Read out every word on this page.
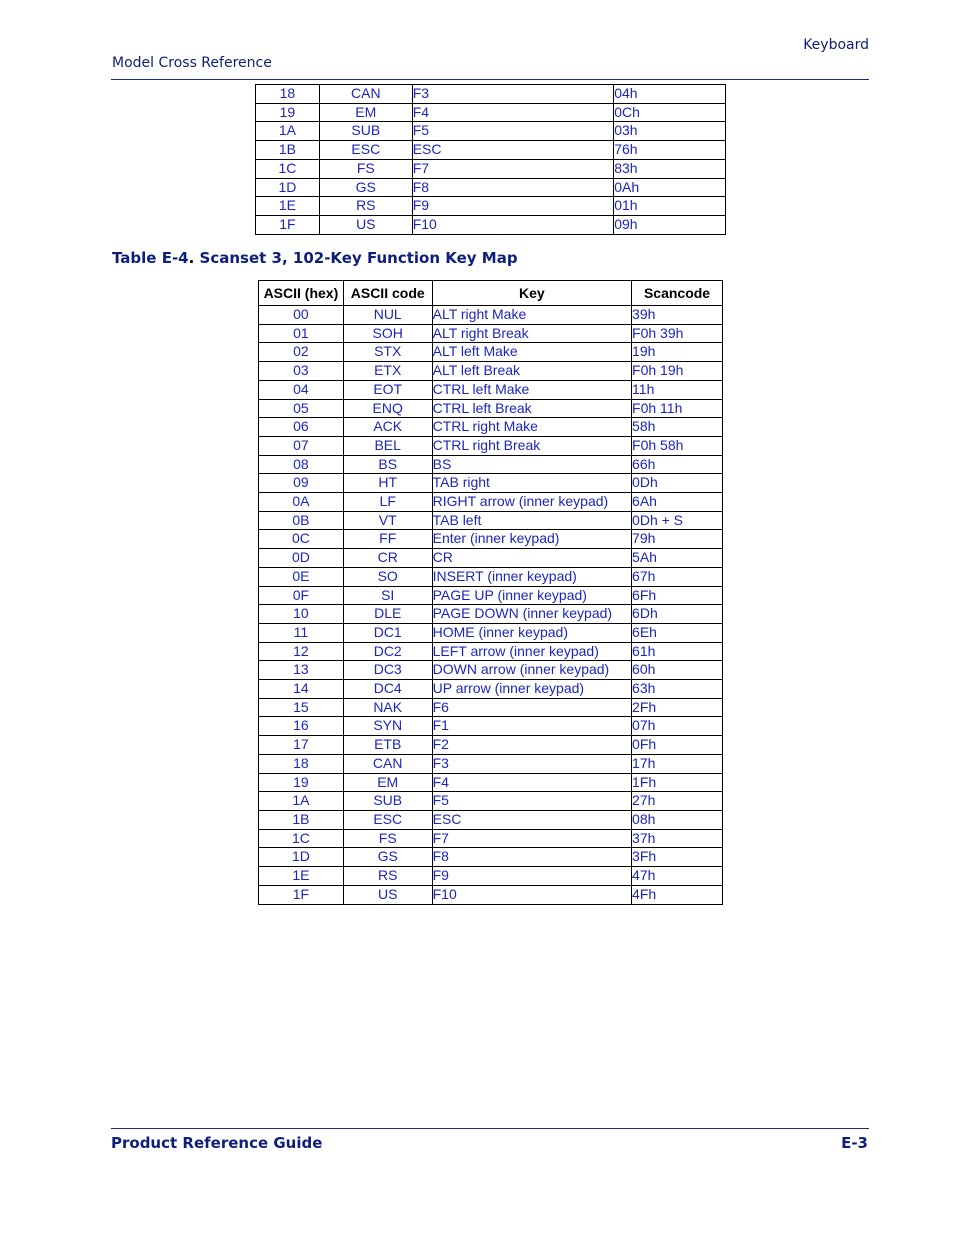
Keyboard
Model Cross Reference
18	CAN	F3	04h
19	EM	F4	0Ch
1A	SUB	F5	03h
1B	ESC	ESC	76h
1C	FS	F7	83h
1D	GS	F8	0Ah
1E	RS	F9	01h
1F	US	F10	09h
Table E-4. Scanset 3, 102-Key Function Key Map
ASCII (hex)	ASCII code	Key	Scancode
00	NUL	ALT right Make	39h
01	SOH	ALT right Break	F0h 39h
02	STX	ALT left Make	19h
03	ETX	ALT left Break	F0h 19h
04	EOT	CTRL left Make	11h
05	ENQ	CTRL left Break	F0h 11h
06	ACK	CTRL right Make	58h
07	BEL	CTRL right Break	F0h 58h
08	BS	BS	66h
09	HT	TAB right	0Dh
0A	LF	RIGHT arrow (inner keypad)	6Ah
0B	VT	TAB left	0Dh + S
0C	FF	Enter (inner keypad)	79h
0D	CR	CR	5Ah
0E	SO	INSERT (inner keypad)	67h
0F	SI	PAGE UP (inner keypad)	6Fh
10	DLE	PAGE DOWN (inner keypad)	6Dh
11	DC1	HOME (inner keypad)	6Eh
12	DC2	LEFT arrow (inner keypad)	61h
13	DC3	DOWN arrow (inner keypad)	60h
14	DC4	UP arrow (inner keypad)	63h
15	NAK	F6	2Fh
16	SYN	F1	07h
17	ETB	F2	0Fh
18	CAN	F3	17h
19	EM	F4	1Fh
1A	SUB	F5	27h
1B	ESC	ESC	08h
1C	FS	F7	37h
1D	GS	F8	3Fh
1E	RS	F9	47h
1F	US	F10	4Fh
Product Reference Guide	E-3
